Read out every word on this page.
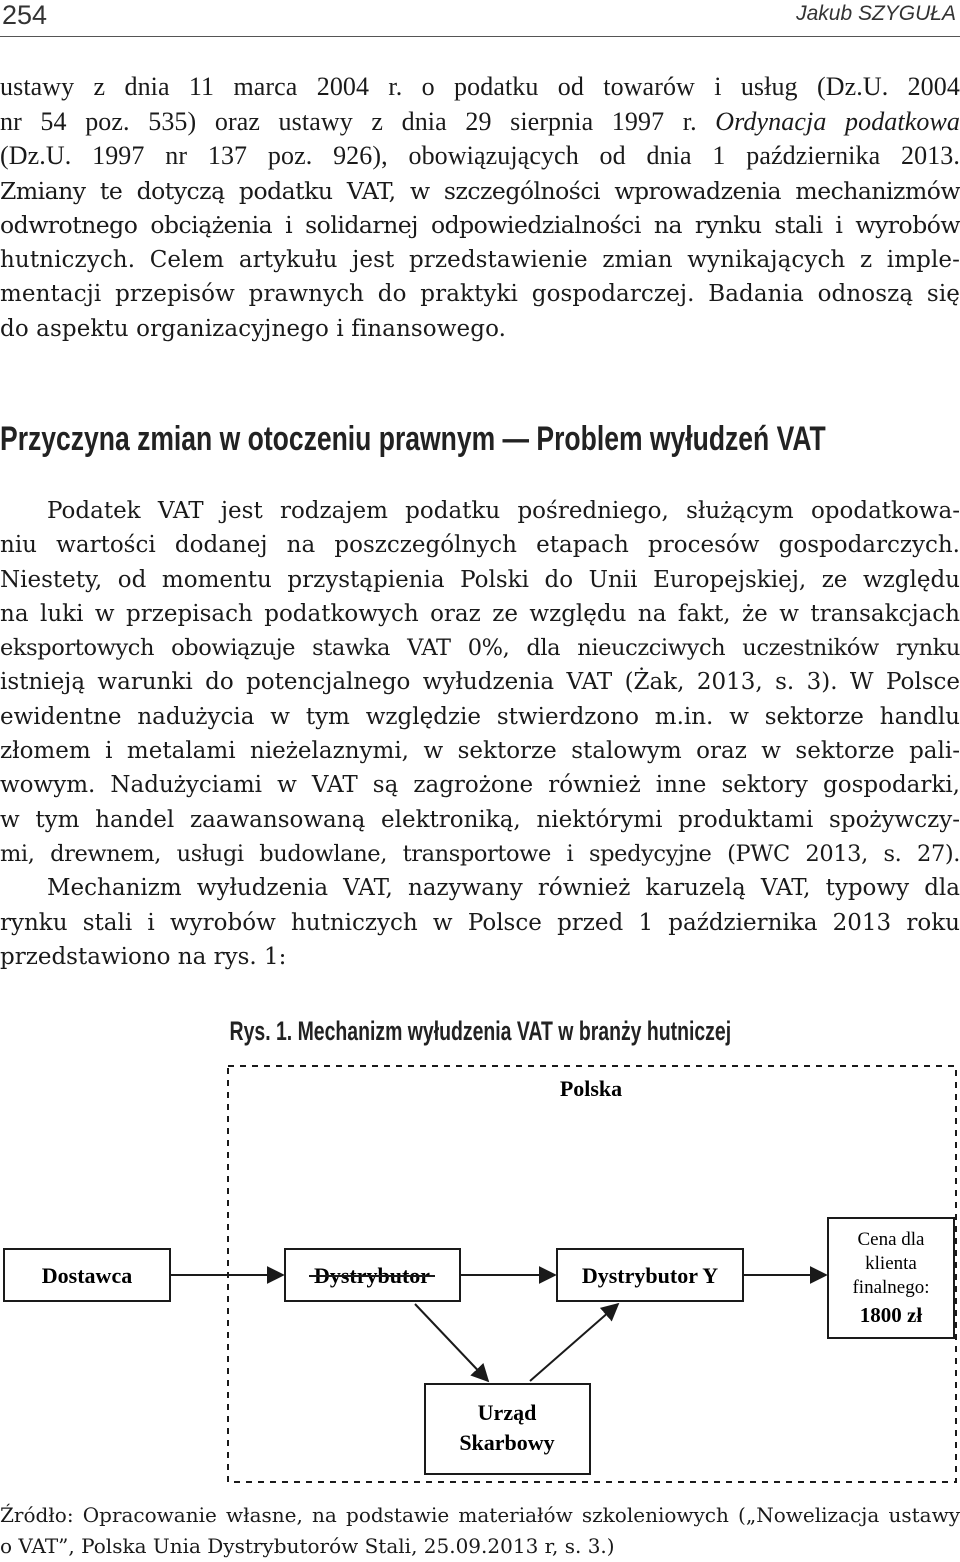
254	Jakub SZYGUŁA
ustawy z dnia 11 marca 2004 r. o podatku od towarów i usług (Dz.U. 2004
nr 54 poz. 535) oraz ustawy z dnia 29 sierpnia 1997 r. Ordynacja podatkowa
(Dz.U. 1997 nr 137 poz. 926), obowiązujących od dnia 1 października 2013.
Zmiany te dotyczą podatku VAT, w szczególności wprowadzenia mechanizmów
odwrotnego obciążenia i solidarnej odpowiedzialności na rynku stali i wyrobów
hutniczych. Celem artykułu jest przedstawienie zmian wynikających z imple-
mentacji przepisów prawnych do praktyki gospodarczej. Badania odnoszą się
do aspektu organizacyjnego i finansowego.
Przyczyna zmian w otoczeniu prawnym — Problem wyłudzeń VAT
Podatek VAT jest rodzajem podatku pośredniego, służącym opodatkowa-
niu wartości dodanej na poszczególnych etapach procesów gospodarczych.
Niestety, od momentu przystąpienia Polski do Unii Europejskiej, ze względu
na luki w przepisach podatkowych oraz ze względu na fakt, że w transakcjach
eksportowych obowiązuje stawka VAT 0%, dla nieuczciwych uczestników rynku
istnieją warunki do potencjalnego wyłudzenia VAT (Żak, 2013, s. 3). W Polsce
ewidentne nadużycia w tym względzie stwierdzono m.in. w sektorze handlu
złomem i metalami nieżelaznymi, w sektorze stalowym oraz w sektorze pali-
wowym. Nadużyciami w VAT są zagrożone również inne sektory gospodarki,
w tym handel zaawansowaną elektroniką, niektórymi produktami spożywczy-
mi, drewnem, usługi budowlane, transportowe i spedycyjne (PWC 2013, s. 27).
Mechanizm wyłudzenia VAT, nazywany również karuzelą VAT, typowy dla
rynku stali i wyrobów hutniczych w Polsce przed 1 października 2013 roku
przedstawiono na rys. 1:
Rys. 1. Mechanizm wyłudzenia VAT w branży hutniczej
Polska
Dostawca	Dystrybutor	Dystrybutor Y
Cena dla
klienta
finalnego:
1800 zł
Urząd
Skarbowy
Źródło: Opracowanie własne, na podstawie materiałów szkoleniowych („Nowelizacja ustawy
o VAT”, Polska Unia Dystrybutorów Stali, 25.09.2013 r, s. 3.)
